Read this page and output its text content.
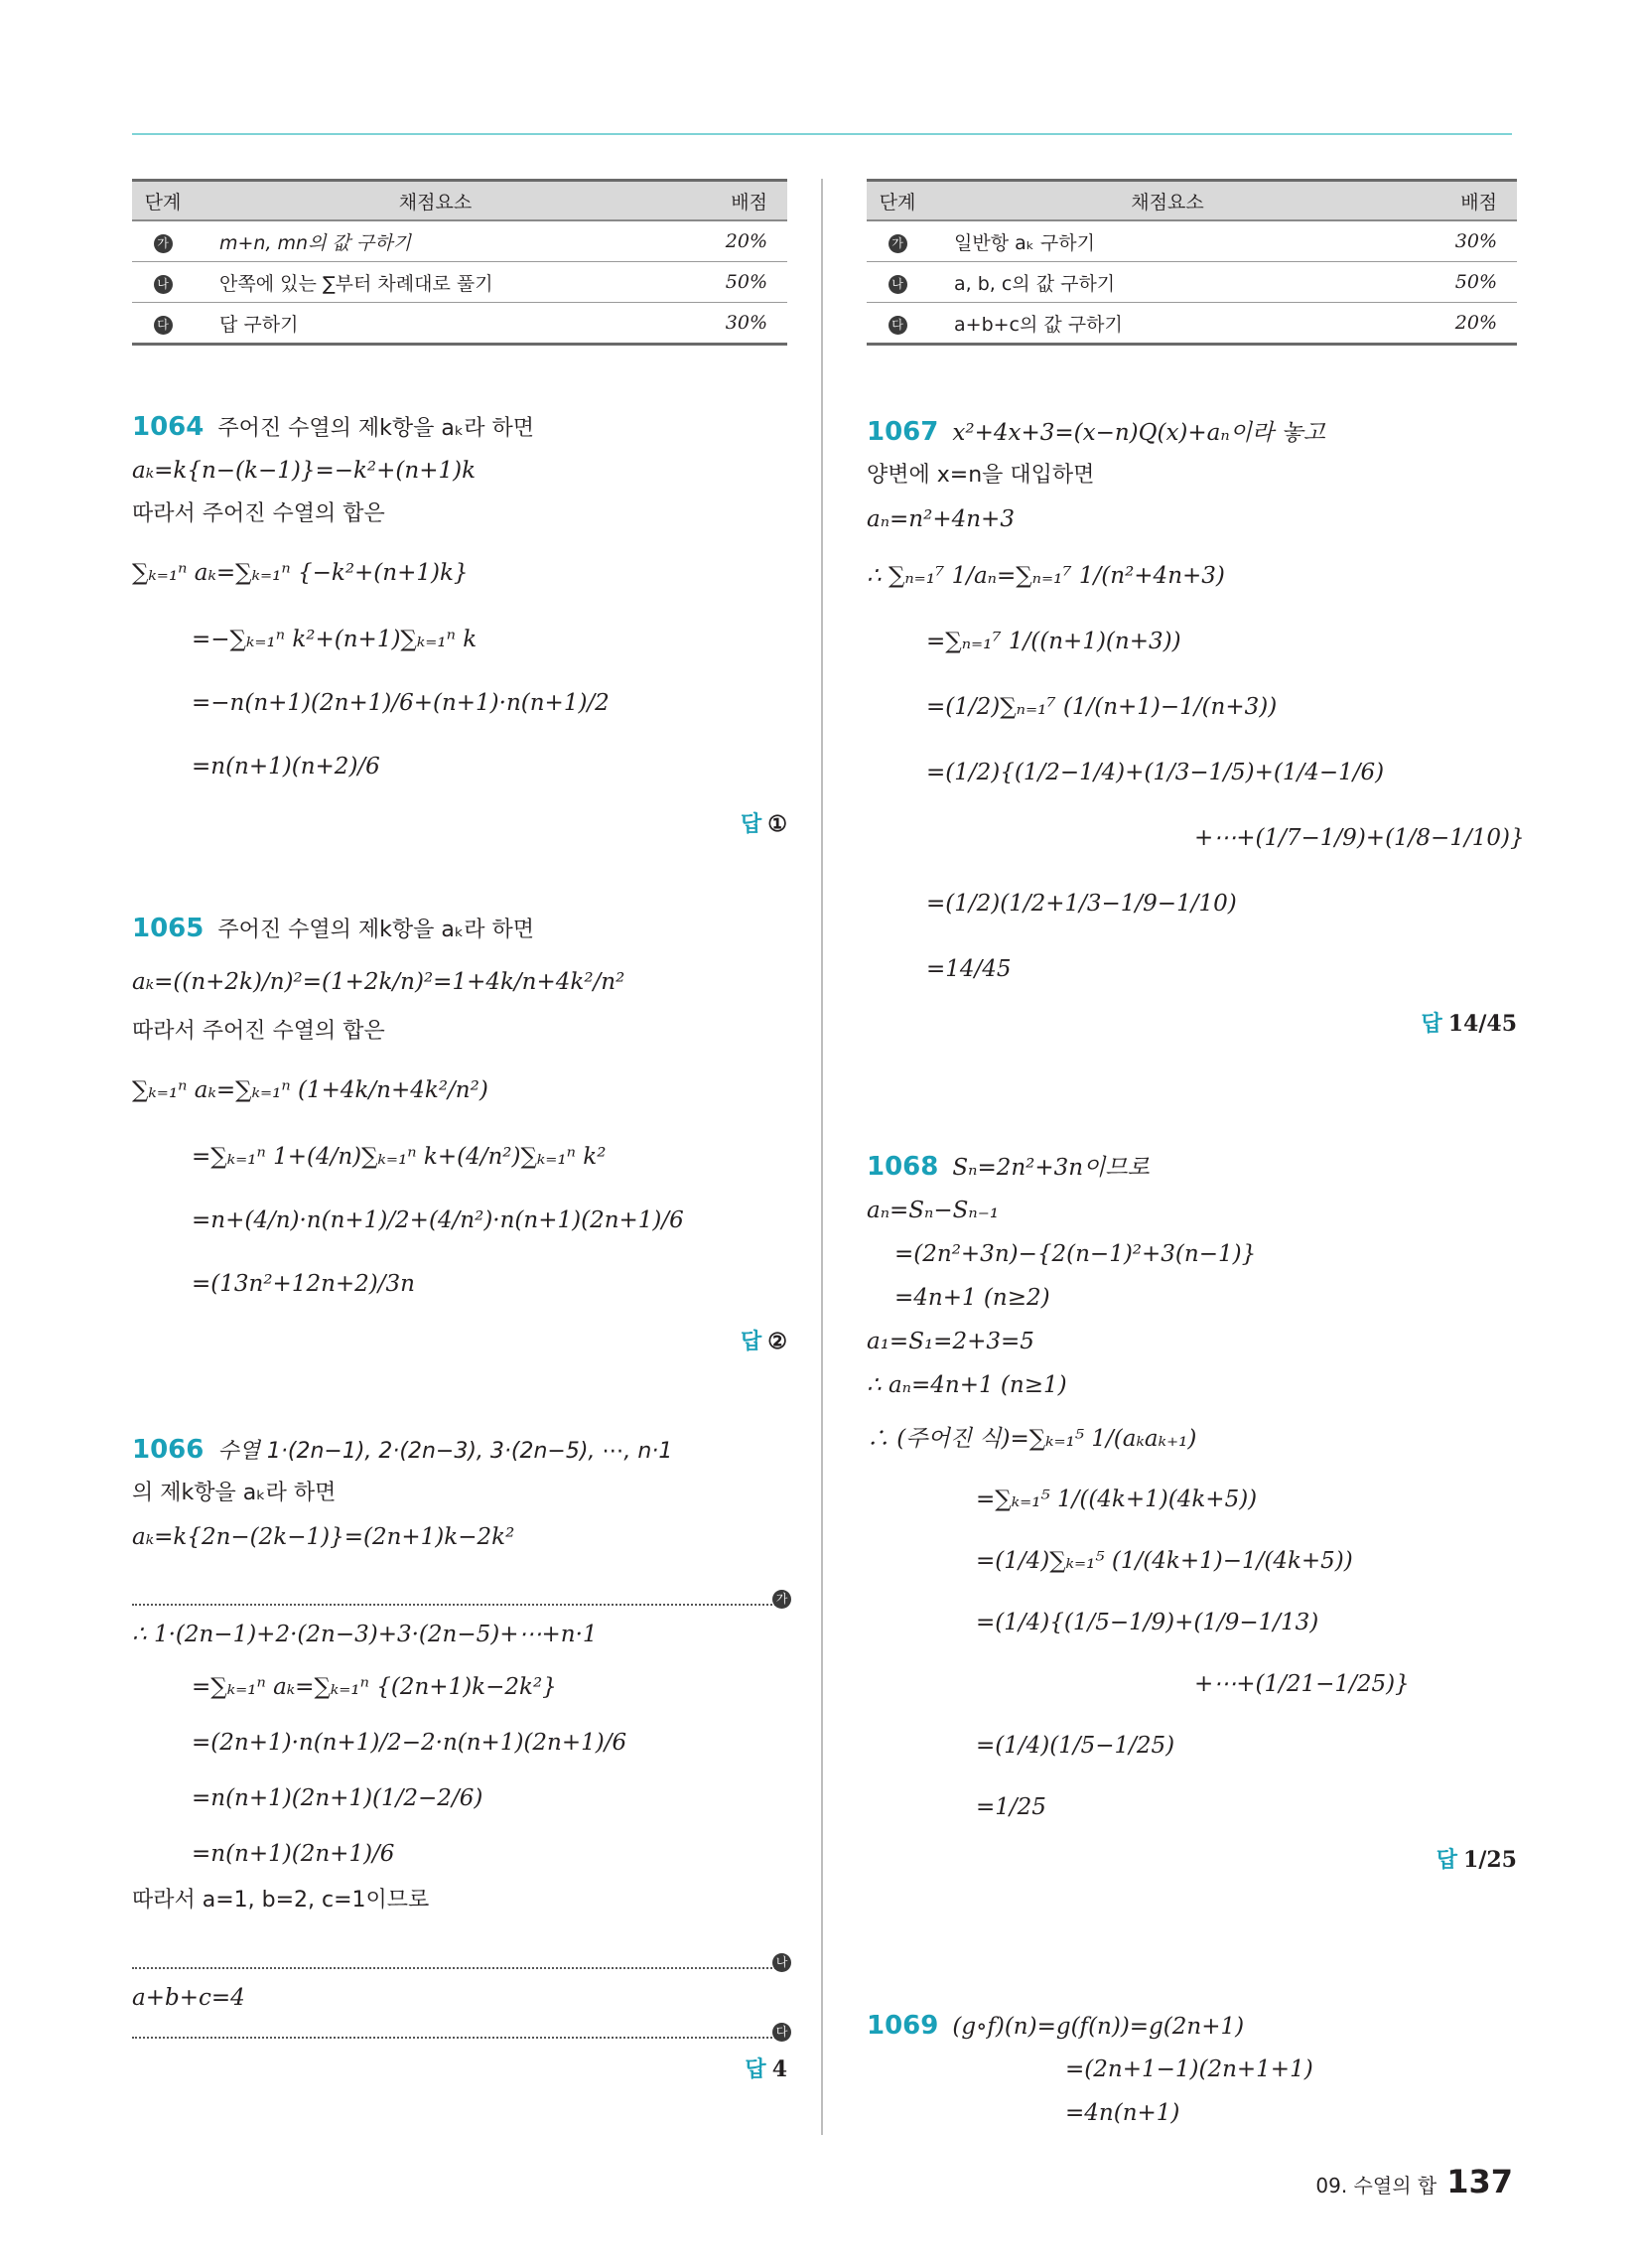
단계	채점요소	배점
가	m+n, mn의 값 구하기	20%
나	안쪽에 있는 ∑부터 차례대로 풀기	50%
다	답 구하기	30%
1064 주어진 수열의 제k항을 aₖ라 하면
aₖ=k{n−(k−1)}=−k²+(n+1)k
따라서 주어진 수열의 합은
∑ₖ₌₁ⁿ aₖ=∑ₖ₌₁ⁿ {−k²+(n+1)k}
=−∑ₖ₌₁ⁿ k²+(n+1)∑ₖ₌₁ⁿ k
=−n(n+1)(2n+1)/6+(n+1)·n(n+1)/2
=n(n+1)(n+2)/6
답 ①
1065 주어진 수열의 제k항을 aₖ라 하면
aₖ=((n+2k)/n)²=(1+2k/n)²=1+4k/n+4k²/n²
따라서 주어진 수열의 합은
∑ₖ₌₁ⁿ aₖ=∑ₖ₌₁ⁿ (1+4k/n+4k²/n²)
=∑ₖ₌₁ⁿ 1+(4/n)∑ₖ₌₁ⁿ k+(4/n²)∑ₖ₌₁ⁿ k²
=n+(4/n)·n(n+1)/2+(4/n²)·n(n+1)(2n+1)/6
=(13n²+12n+2)/3n
답 ②
1066 수열 1·(2n−1), 2·(2n−3), 3·(2n−5), ⋯, n·1
의 제k항을 aₖ라 하면
aₖ=k{2n−(2k−1)}=(2n+1)k−2k²
가
∴ 1·(2n−1)+2·(2n−3)+3·(2n−5)+⋯+n·1
=∑ₖ₌₁ⁿ aₖ=∑ₖ₌₁ⁿ {(2n+1)k−2k²}
=(2n+1)·n(n+1)/2−2·n(n+1)(2n+1)/6
=n(n+1)(2n+1)(1/2−2/6)
=n(n+1)(2n+1)/6
따라서 a=1, b=2, c=1이므로
나
a+b+c=4
다
답 4
단계	채점요소	배점
가	일반항 aₖ 구하기	30%
나	a, b, c의 값 구하기	50%
다	a+b+c의 값 구하기	20%
1067 x²+4x+3=(x−n)Q(x)+aₙ이라 놓고
양변에 x=n을 대입하면
aₙ=n²+4n+3
∴ ∑ₙ₌₁⁷ 1/aₙ=∑ₙ₌₁⁷ 1/(n²+4n+3)
=∑ₙ₌₁⁷ 1/((n+1)(n+3))
=(1/2)∑ₙ₌₁⁷ (1/(n+1)−1/(n+3))
=(1/2){(1/2−1/4)+(1/3−1/5)+(1/4−1/6)
+⋯+(1/7−1/9)+(1/8−1/10)}
=(1/2)(1/2+1/3−1/9−1/10)
=14/45
답 14/45
1068 Sₙ=2n²+3n이므로
aₙ=Sₙ−Sₙ₋₁
=(2n²+3n)−{2(n−1)²+3(n−1)}
=4n+1 (n≥2)
a₁=S₁=2+3=5
∴ aₙ=4n+1 (n≥1)
∴ (주어진 식)=∑ₖ₌₁⁵ 1/(aₖaₖ₊₁)
=∑ₖ₌₁⁵ 1/((4k+1)(4k+5))
=(1/4)∑ₖ₌₁⁵ (1/(4k+1)−1/(4k+5))
=(1/4){(1/5−1/9)+(1/9−1/13)
+⋯+(1/21−1/25)}
=(1/4)(1/5−1/25)
=1/25
답 1/25
1069 (g∘f)(n)=g(f(n))=g(2n+1)
=(2n+1−1)(2n+1+1)
=4n(n+1)
09. 수열의 합 137
